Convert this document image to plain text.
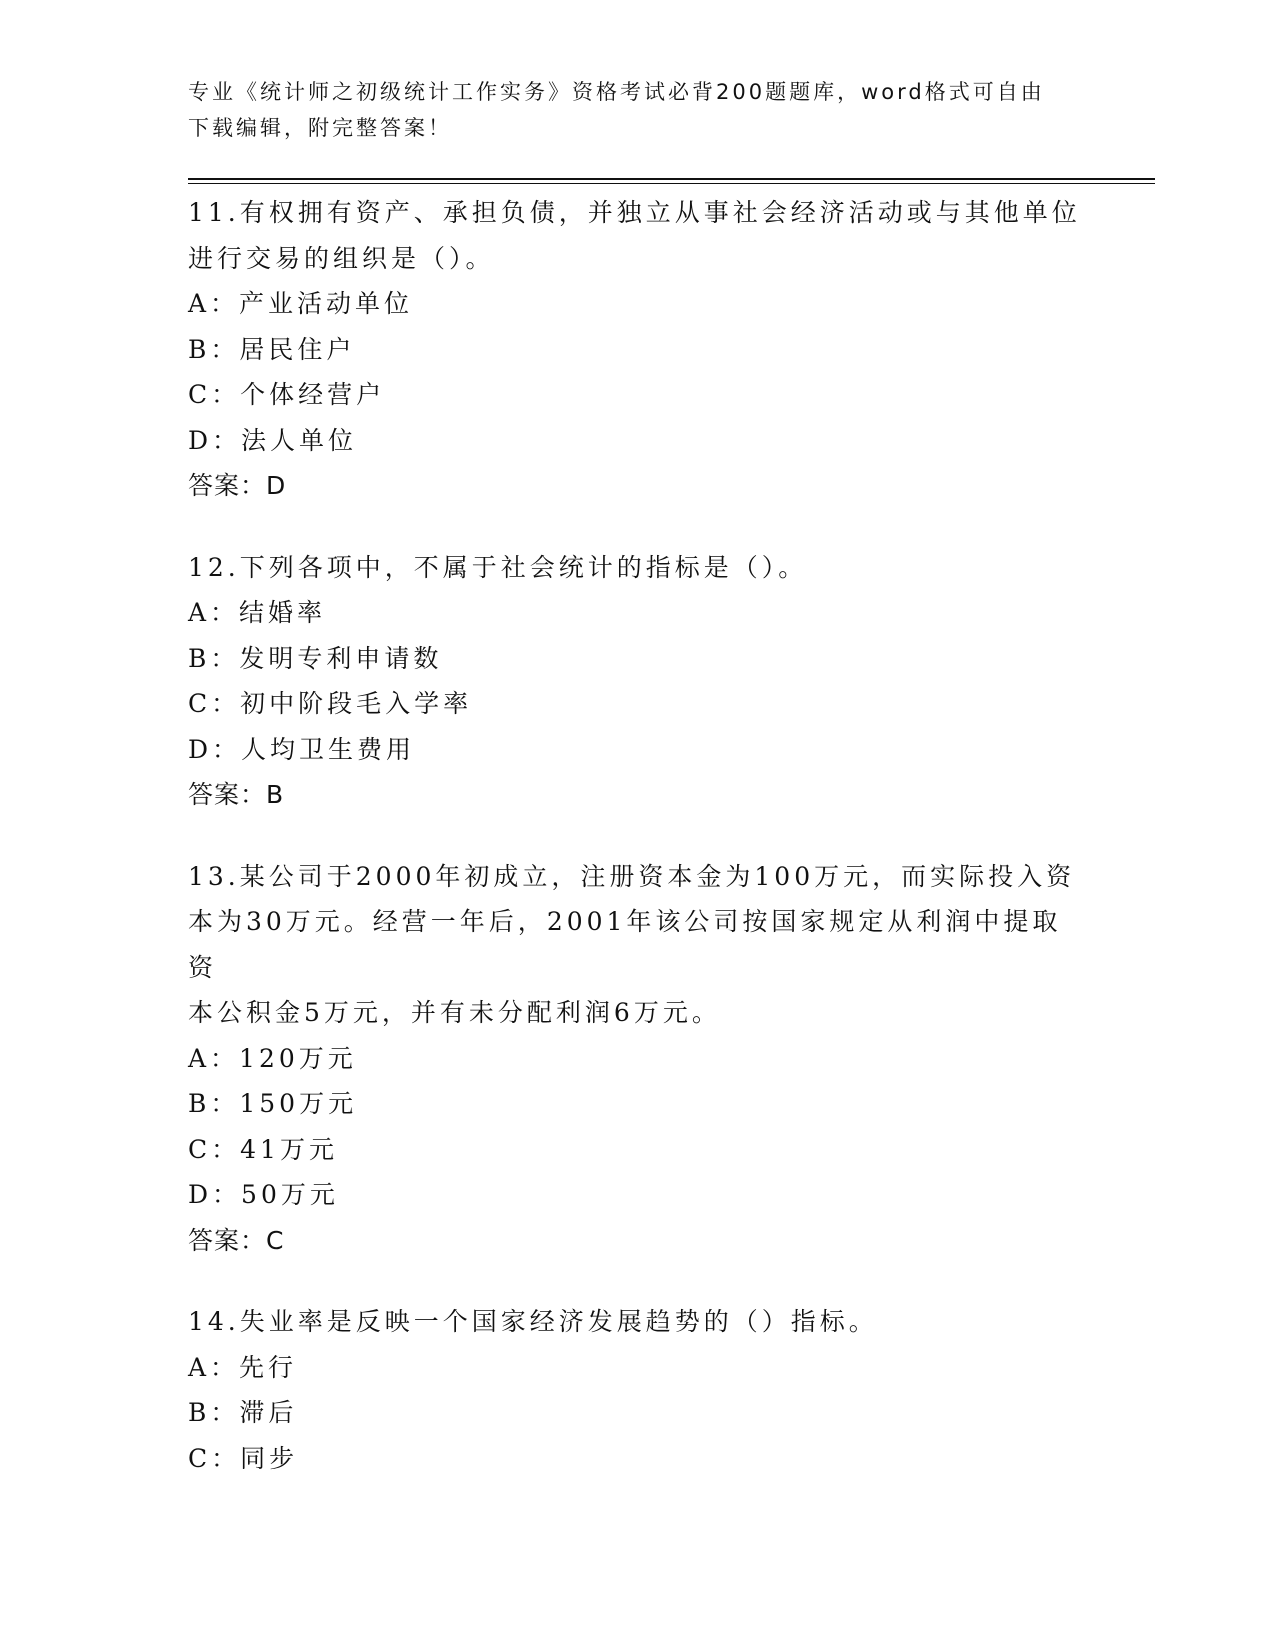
专业《统计师之初级统计工作实务》资格考试必背200题题库，word格式可自由
下载编辑，附完整答案！
11.有权拥有资产、承担负债，并独立从事社会经济活动或与其他单位
进行交易的组织是（）。
A：产业活动单位
B：居民住户
C：个体经营户
D：法人单位
答案：D
12.下列各项中，不属于社会统计的指标是（）。
A：结婚率
B：发明专利申请数
C：初中阶段毛入学率
D：人均卫生费用
答案：B
13.某公司于2000年初成立，注册资本金为100万元，而实际投入资
本为30万元。经营一年后，2001年该公司按国家规定从利润中提取资
本公积金5万元，并有未分配利润6万元。
A：120万元
B：150万元
C：41万元
D：50万元
答案：C
14.失业率是反映一个国家经济发展趋势的（）指标。
A：先行
B：滞后
C：同步
